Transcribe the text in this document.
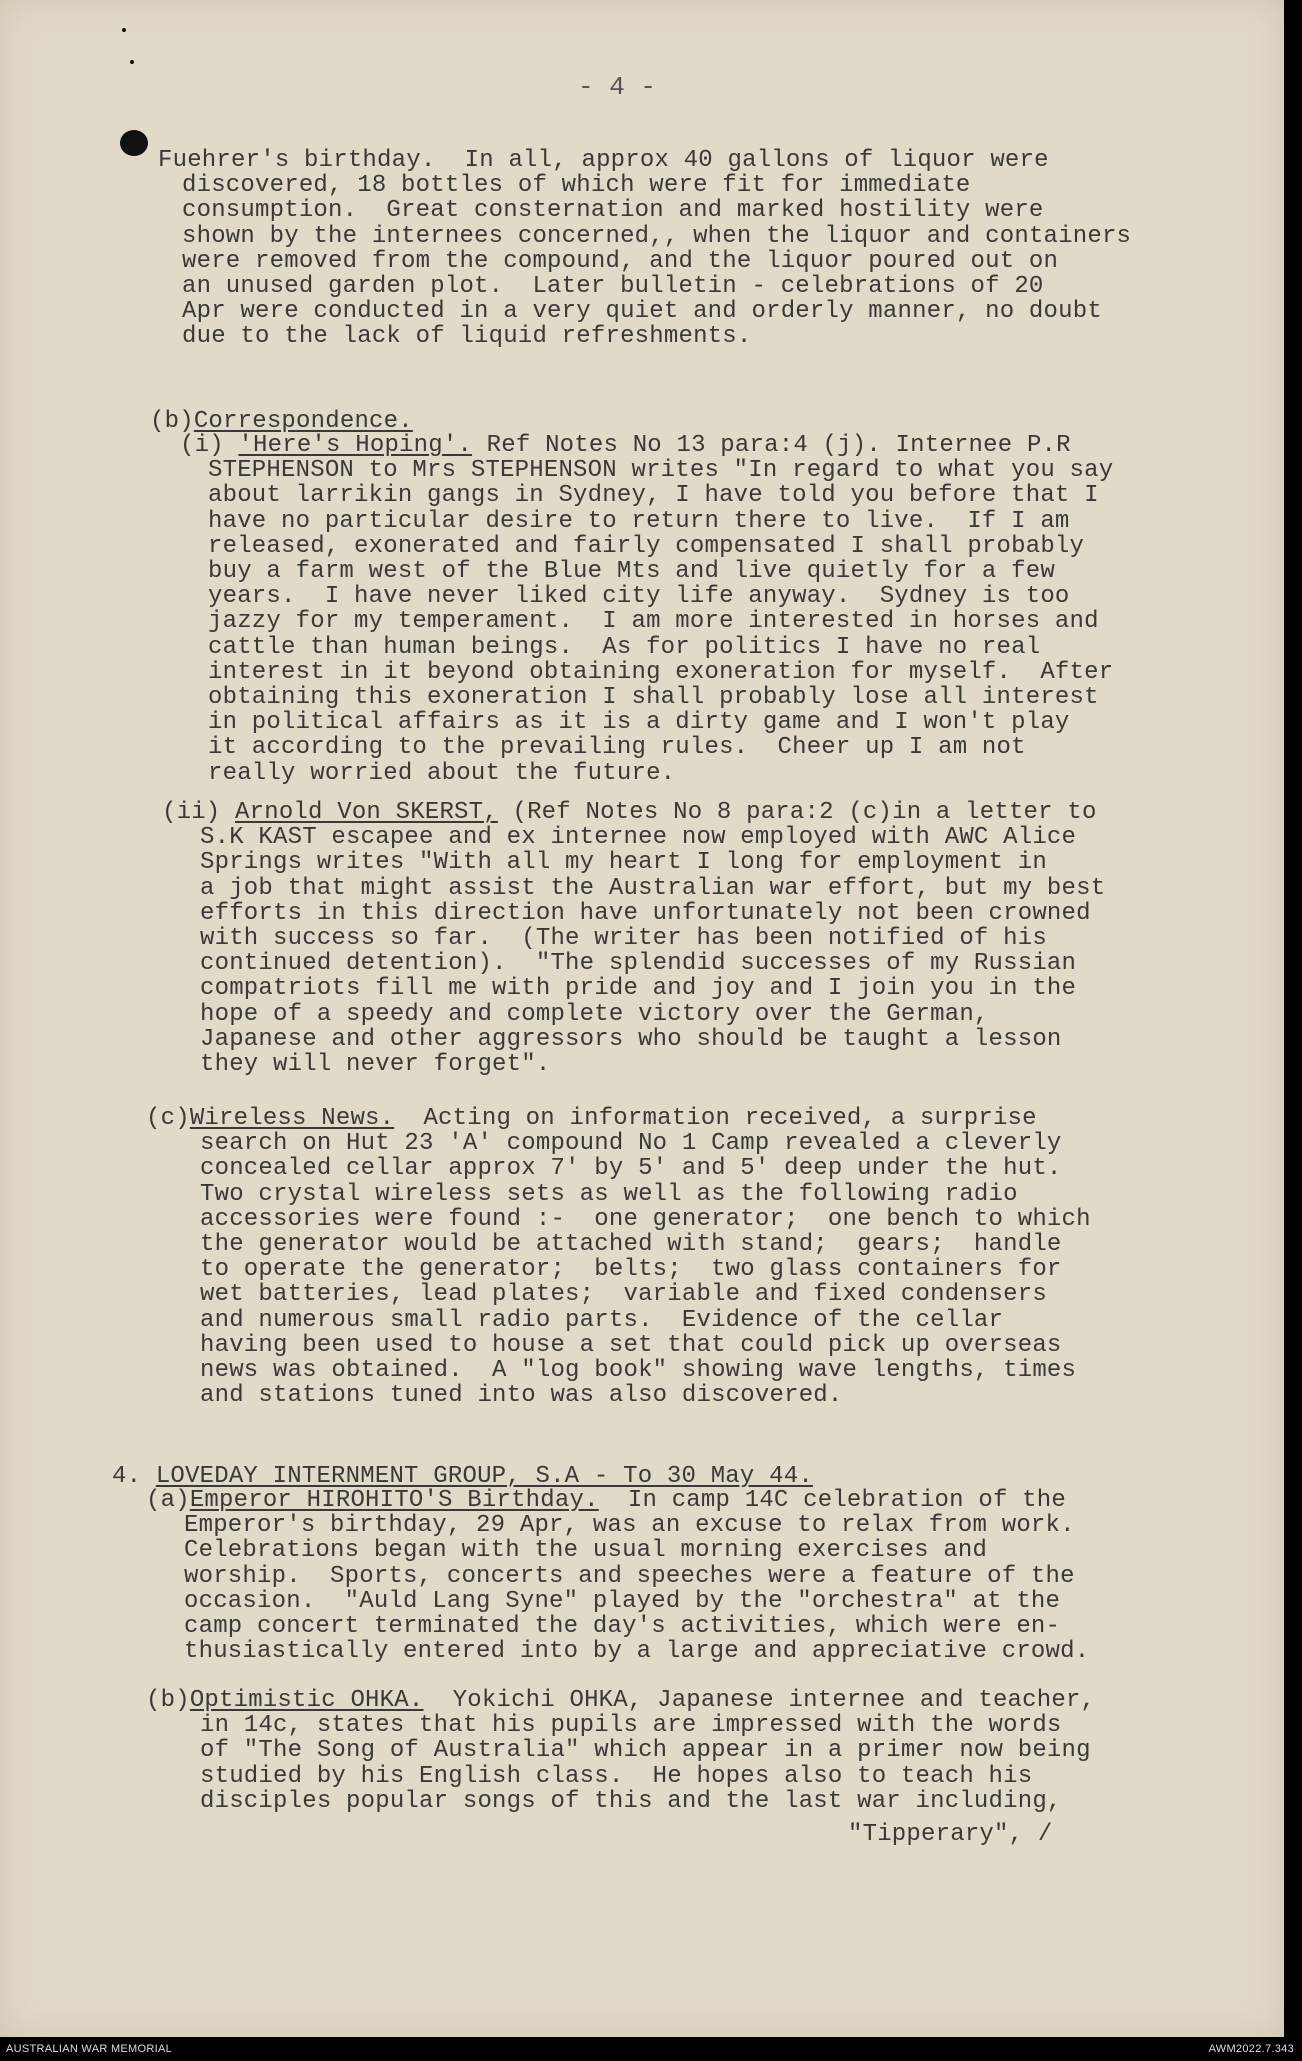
- 4 -
Fuehrer's birthday.  In all, approx 40 gallons of liquor were
discovered, 18 bottles of which were fit for immediate
consumption.  Great consternation and marked hostility were
shown by the internees concerned,, when the liquor and containers
were removed from the compound, and the liquor poured out on
an unused garden plot.  Later bulletin - celebrations of 20
Apr were conducted in a very quiet and orderly manner, no doubt
due to the lack of liquid refreshments.
(b)Correspondence.
(i) 'Here's Hoping'. Ref Notes No 13 para:4 (j). Internee P.R
STEPHENSON to Mrs STEPHENSON writes "In regard to what you say
about larrikin gangs in Sydney, I have told you before that I
have no particular desire to return there to live.  If I am
released, exonerated and fairly compensated I shall probably
buy a farm west of the Blue Mts and live quietly for a few
years.  I have never liked city life anyway.  Sydney is too
jazzy for my temperament.  I am more interested in horses and
cattle than human beings.  As for politics I have no real
interest in it beyond obtaining exoneration for myself.  After
obtaining this exoneration I shall probably lose all interest
in political affairs as it is a dirty game and I won't play
it according to the prevailing rules.  Cheer up I am not
really worried about the future.
(ii) Arnold Von SKERST, (Ref Notes No 8 para:2 (c)in a letter to
S.K KAST escapee and ex internee now employed with AWC Alice
Springs writes "With all my heart I long for employment in
a job that might assist the Australian war effort, but my best
efforts in this direction have unfortunately not been crowned
with success so far.  (The writer has been notified of his
continued detention).  "The splendid successes of my Russian
compatriots fill me with pride and joy and I join you in the
hope of a speedy and complete victory over the German,
Japanese and other aggressors who should be taught a lesson
they will never forget".
(c)Wireless News.  Acting on information received, a surprise
search on Hut 23 'A' compound No 1 Camp revealed a cleverly
concealed cellar approx 7' by 5' and 5' deep under the hut.
Two crystal wireless sets as well as the following radio
accessories were found :-  one generator;  one bench to which
the generator would be attached with stand;  gears;  handle
to operate the generator;  belts;  two glass containers for
wet batteries, lead plates;  variable and fixed condensers
and numerous small radio parts.  Evidence of the cellar
having been used to house a set that could pick up overseas
news was obtained.  A "log book" showing wave lengths, times
and stations tuned into was also discovered.
4. LOVEDAY INTERNMENT GROUP, S.A - To 30 May 44.
(a)Emperor HIROHITO'S Birthday.  In camp 14C celebration of the
Emperor's birthday, 29 Apr, was an excuse to relax from work.
Celebrations began with the usual morning exercises and
worship.  Sports, concerts and speeches were a feature of the
occasion.  "Auld Lang Syne" played by the "orchestra" at the
camp concert terminated the day's activities, which were en-
thusiastically entered into by a large and appreciative crowd.
(b)Optimistic OHKA.  Yokichi OHKA, Japanese internee and teacher,
in 14c, states that his pupils are impressed with the words
of "The Song of Australia" which appear in a primer now being
studied by his English class.  He hopes also to teach his
disciples popular songs of this and the last war including,
"Tipperary", /
AUSTRALIAN WAR MEMORIAL	AWM2022.7.343
